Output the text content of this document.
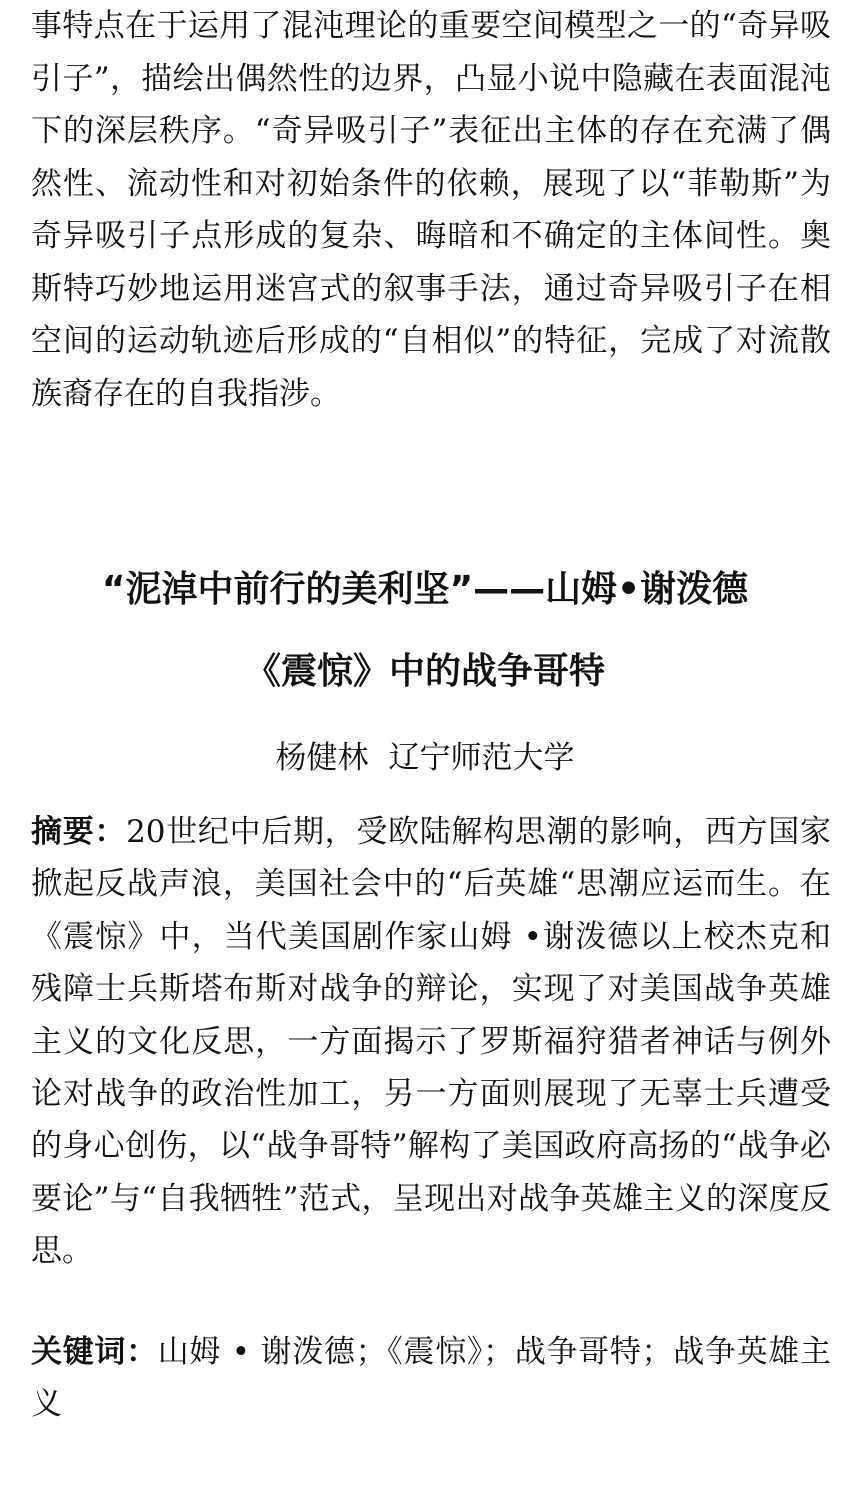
事特点在于运用了混沌理论的重要空间模型之一的“奇异吸引子”，描绘出偶然性的边界，凸显小说中隐藏在表面混沌下的深层秩序。“奇异吸引子”表征出主体的存在充满了偶然性、流动性和对初始条件的依赖，展现了以“菲勒斯”为奇异吸引子点形成的复杂、晦暗和不确定的主体间性。奥斯特巧妙地运用迷宫式的叙事手法，通过奇异吸引子在相空间的运动轨迹后形成的“自相似”的特征，完成了对流散族裔存在的自我指涉。

“泥淖中前行的美利坚”——山姆•谢泼德
《震惊》中的战争哥特
杨健林 辽宁师范大学

摘要：20世纪中后期，受欧陆解构思潮的影响，西方国家掀起反战声浪，美国社会中的“后英雄“思潮应运而生。在《震惊》中，当代美国剧作家山姆 •谢泼德以上校杰克和残障士兵斯塔布斯对战争的辩论，实现了对美国战争英雄主义的文化反思，一方面揭示了罗斯福狩猎者神话与例外论对战争的政治性加工，另一方面则展现了无辜士兵遭受的身心创伤，以“战争哥特”解构了美国政府高扬的“战争必要论”与“自我牺牲”范式，呈现出对战争英雄主义的深度反思。

关键词：山姆 • 谢泼德；《震惊》；战争哥特；战争英雄主义
